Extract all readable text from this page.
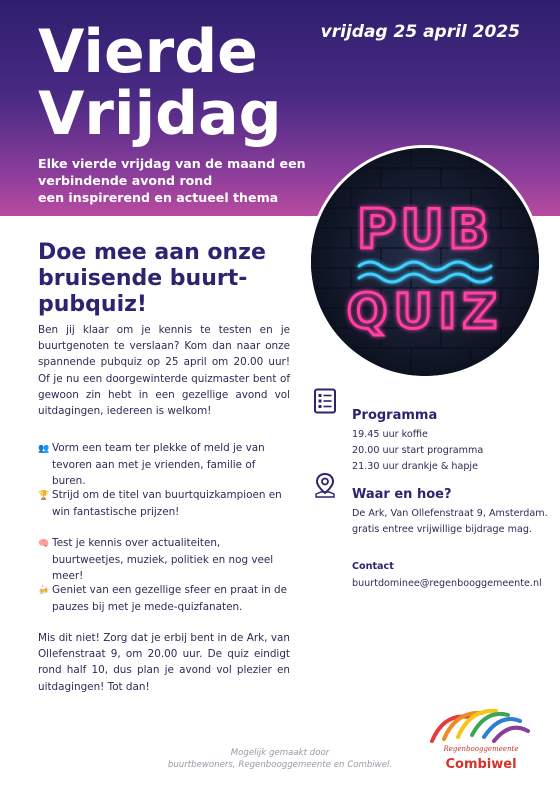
Vierde
Vrijdag
vrijdag 25 april 2025
Elke vierde vrijdag van de maand een
verbindende avond rond
een inspirerend en actueel thema
PUB
QUIZ
Doe mee aan onze
bruisende buurt-
pubquiz!

Ben jij klaar om je kennis te testen en je buurtgenoten te verslaan? Kom dan naar onze spannende pubquiz op 25 april om 20.00 uur! Of je nu een doorgewinterde quizmaster bent of gewoon zin hebt in een gezellige avond vol uitdagingen, iedereen is welkom!

👥 Vorm een team ter plekke of meld je van tevoren aan met je vrienden, familie of buren.

🏆 Strijd om de titel van buurtquizkampioen en win fantastische prijzen!

🧠 Test je kennis over actualiteiten, buurtweetjes, muziek, politiek en nog veel meer!

🍻 Geniet van een gezellige sfeer en praat in de pauzes bij met je mede-quizfanaten.

Mis dit niet! Zorg dat je erbij bent in de Ark, van Ollefenstraat 9, om 20.00 uur. De quiz eindigt rond half 10, dus plan je avond vol plezier en uitdagingen! Tot dan!

Programma
19.45 uur koffie
20.00 uur start programma
21.30 uur drankje & hapje
Waar en hoe?
De Ark, Van Ollefenstraat 9, Amsterdam.
gratis entree vrijwillige bijdrage mag.
Contact
buurtdominee@regenbooggemeente.nl
Mogelijk gemaakt door
buurtbewoners, Regenbooggemeente en Combiwel.
Regenbooggemeente
Combiwel
